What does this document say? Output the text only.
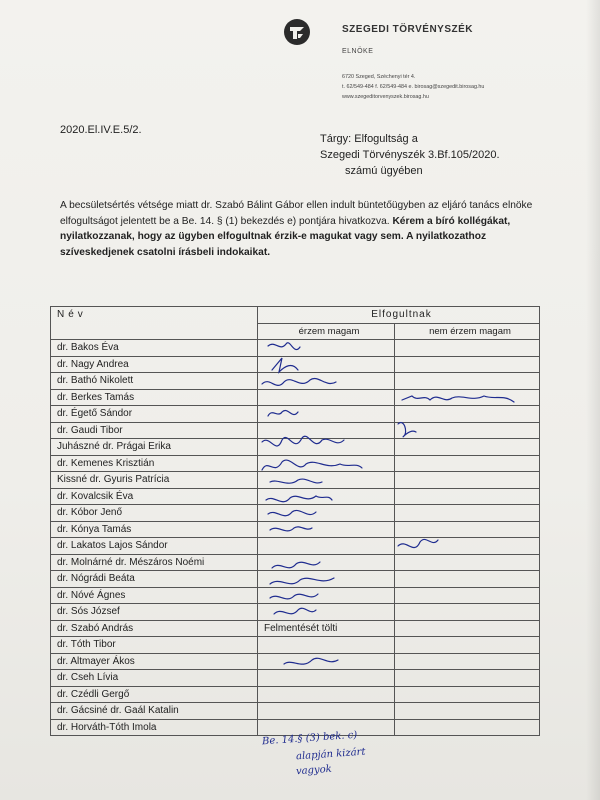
SZEGEDI TÖRVÉNYSZÉK
ELNÖKE
6720 Szeged, Széchenyi tér 4.
t. 62/549-484 f. 62/549-484 e. birosag@szegedit.birosag.hu
www.szegeditorvenyszek.birosag.hu
2020.El.IV.E.5/2.
Tárgy: Elfogultság a
Szegedi Törvényszék 3.Bf.105/2020.
számú ügyében
A becsületsértés vétsége miatt dr. Szabó Bálint Gábor ellen indult büntetőügyben az eljáró tanács elnöke elfogultságot jelentett be a Be. 14. § (1) bekezdés e) pontjára hivatkozva. Kérem a bíró kollégákat, nyilatkozzanak, hogy az ügyben elfogultnak érzik-e magukat vagy sem. A nyilatkozathoz szíveskedjenek csatolni írásbeli indokaikat.
Név	Elfogultnak	
	érzem magam	nem érzem magam
dr. Bakos Éva		
dr. Nagy Andrea		
dr. Bathó Nikolett		
dr. Berkes Tamás		
dr. Égető Sándor		
dr. Gaudi Tibor		
Juhászné dr. Prágai Erika		
dr. Kemenes Krisztián		
Kissné dr. Gyuris Patrícia		
dr. Kovalcsik Éva		
dr. Kóbor Jenő		
dr. Kónya Tamás		
dr. Lakatos Lajos Sándor		
dr. Molnárné dr. Mészáros Noémi		
dr. Nógrádi Beáta		
dr. Nóvé Ágnes		
dr. Sós József		
dr. Szabó András	Felmentését tölti	
dr. Tóth Tibor		
dr. Altmayer Ákos		
dr. Cseh Lívia		
dr. Czédli Gergő		
dr. Gácsiné dr. Gaál Katalin		
dr. Horváth-Tóth Imola		
Be. 14.§ (3) bek. c)
alapján kizárt
vagyok
